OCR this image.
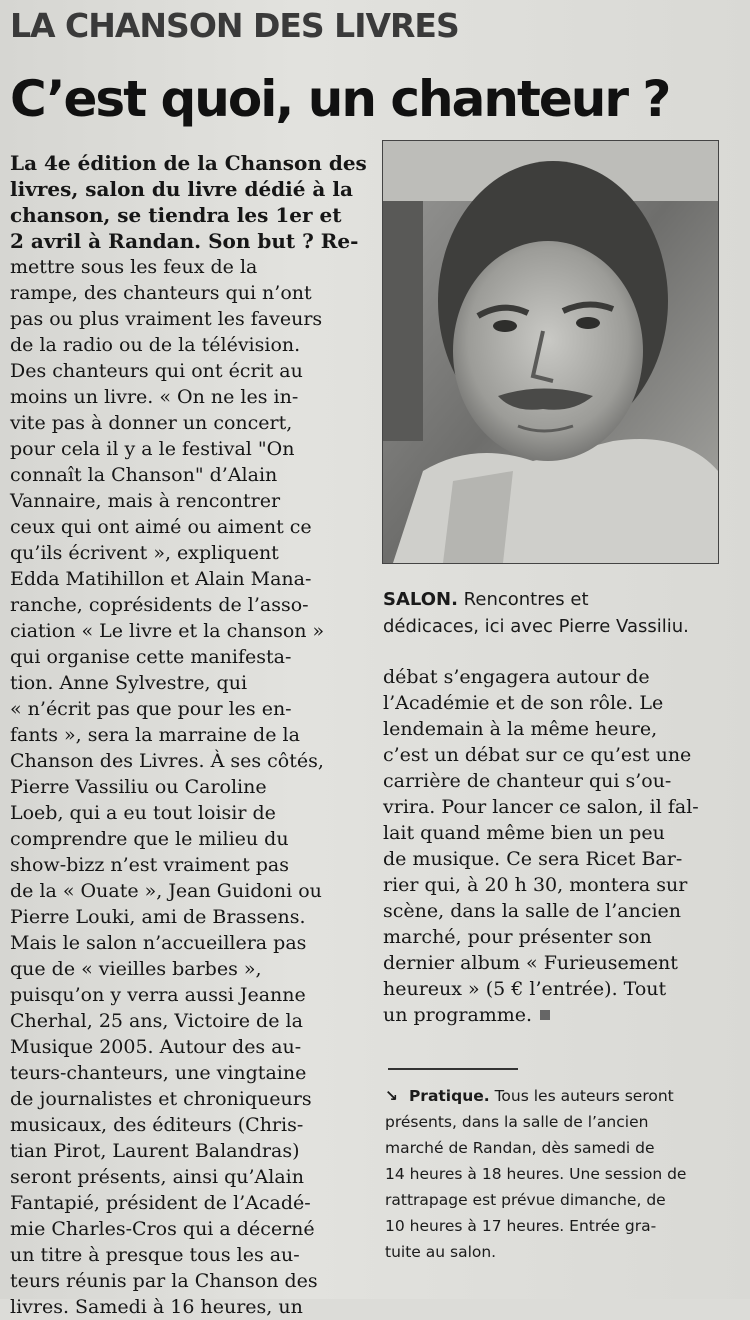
LA CHANSON DES LIVRES
C’est quoi, un chanteur ?
La 4e édition de la Chanson des
livres, salon du livre dédié à la
chanson, se tiendra les 1er et
2 avril à Randan. Son but ? Re-
mettre sous les feux de la
rampe, des chanteurs qui n’ont
pas ou plus vraiment les faveurs
de la radio ou de la télévision.
Des chanteurs qui ont écrit au
moins un livre. « On ne les in-
vite pas à donner un concert,
pour cela il y a le festival "On
connaît la Chanson" d’Alain
Vannaire, mais à rencontrer
ceux qui ont aimé ou aiment ce
qu’ils écrivent », expliquent
Edda Matihillon et Alain Mana-
ranche, coprésidents de l’asso-
ciation « Le livre et la chanson »
qui organise cette manifesta-
tion. Anne Sylvestre, qui
« n’écrit pas que pour les en-
fants », sera la marraine de la
Chanson des Livres. À ses côtés,
Pierre Vassiliu ou Caroline
Loeb, qui a eu tout loisir de
comprendre que le milieu du
show-bizz n’est vraiment pas
de la « Ouate », Jean Guidoni ou
Pierre Louki, ami de Brassens.
Mais le salon n’accueillera pas
que de « vieilles barbes »,
puisqu’on y verra aussi Jeanne
Cherhal, 25 ans, Victoire de la
Musique 2005. Autour des au-
teurs-chanteurs, une vingtaine
de journalistes et chroniqueurs
musicaux, des éditeurs (Chris-
tian Pirot, Laurent Balandras)
seront présents, ainsi qu’Alain
Fantapié, président de l’Acadé-
mie Charles-Cros qui a décerné
un titre à presque tous les au-
teurs réunis par la Chanson des
livres. Samedi à 16 heures, un
SALON. Rencontres et
dédicaces, ici avec Pierre Vassiliu.
débat s’engagera autour de
l’Académie et de son rôle. Le
lendemain à la même heure,
c’est un débat sur ce qu’est une
carrière de chanteur qui s’ou-
vrira. Pour lancer ce salon, il fal-
lait quand même bien un peu
de musique. Ce sera Ricet Bar-
rier qui, à 20 h 30, montera sur
scène, dans la salle de l’ancien
marché, pour présenter son
dernier album « Furieusement
heureux » (5 € l’entrée). Tout
un programme.
↘ Pratique. Tous les auteurs seront
présents, dans la salle de l’ancien
marché de Randan, dès samedi de
14 heures à 18 heures. Une session de
rattrapage est prévue dimanche, de
10 heures à 17 heures. Entrée gra-
tuite au salon.
